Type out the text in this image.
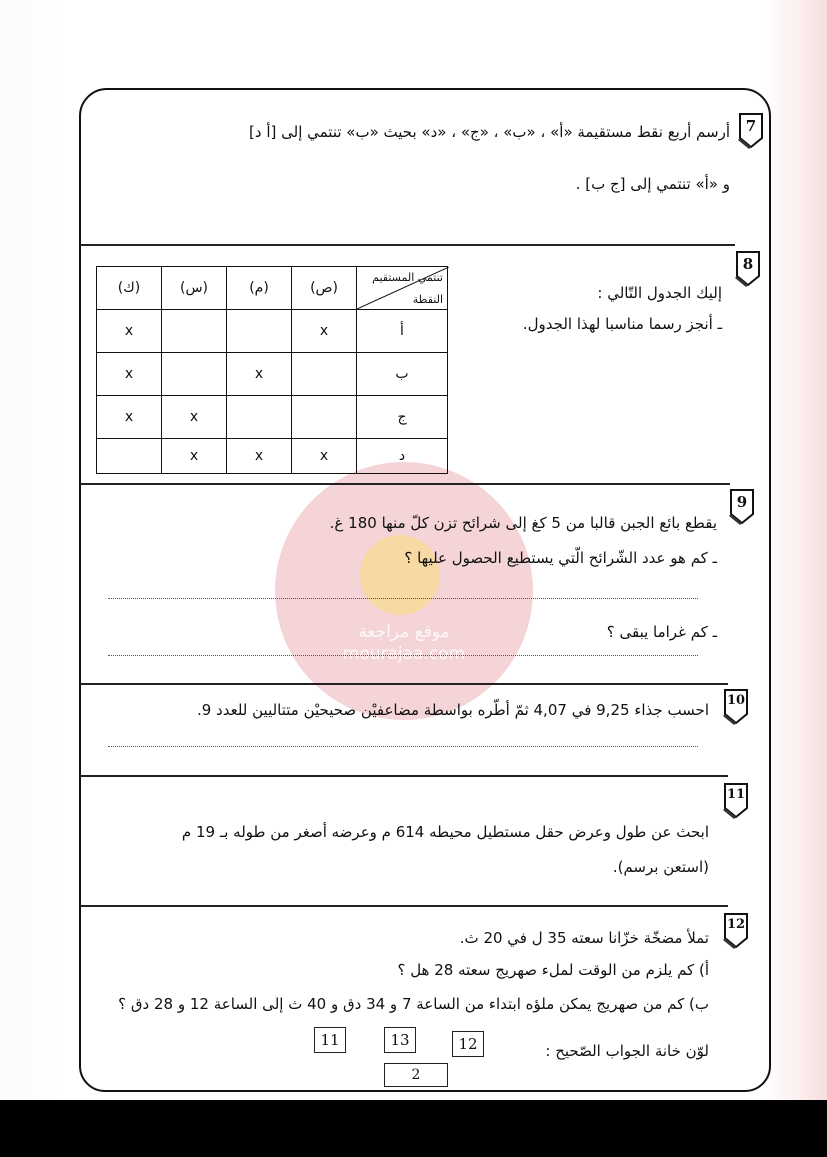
موقع مراجعة
mourajaa.com
7
أرسم أربع نقط مستقيمة «أ» ، «ب» ، «ج» ، «د» بحيث «ب» تنتمي إلى [أ د]
و «أ» تنتمي إلى [ج ب] .
8
إليك الجدول التّالي :
ـ أنجز رسما مناسبا لهذا الجدول.
تنتمي المستقيم
النقطة	(ص)	(م)	(س)	(ك)
أ	x			x
ب		x		x
ج			x	x
د	x	x	x	
9
يقطع بائع الجبن قالبا من 5 كغ إلى شرائح تزن كلّ منها 180 غ.
ـ كم هو عدد الشّرائح الّتي يستطيع الحصول عليها ؟
ـ كم غراما يبقى ؟
10
احسب جذاء 9,25 في 4,07 ثمّ أطّره بواسطة مضاعفيْن صحيحيْن متتاليين للعدد 9.
11
ابحث عن طول وعرض حقل مستطيل محيطه 614 م وعرضه أصغر من طوله بـ 19 م
(استعن برسم).
12
تملأ مضخّة خزّانا سعته 35 ل في 20 ث.
أ) كم يلزم من الوقت لملء صهريج سعته 28 هل ؟
ب) كم من صهريج يمكن ملؤه ابتداء من الساعة 7 و 34 دق و 40 ث إلى الساعة 12 و 28 دق ؟
لوّن خانة الجواب الصّحيح :
12
13
11
2
